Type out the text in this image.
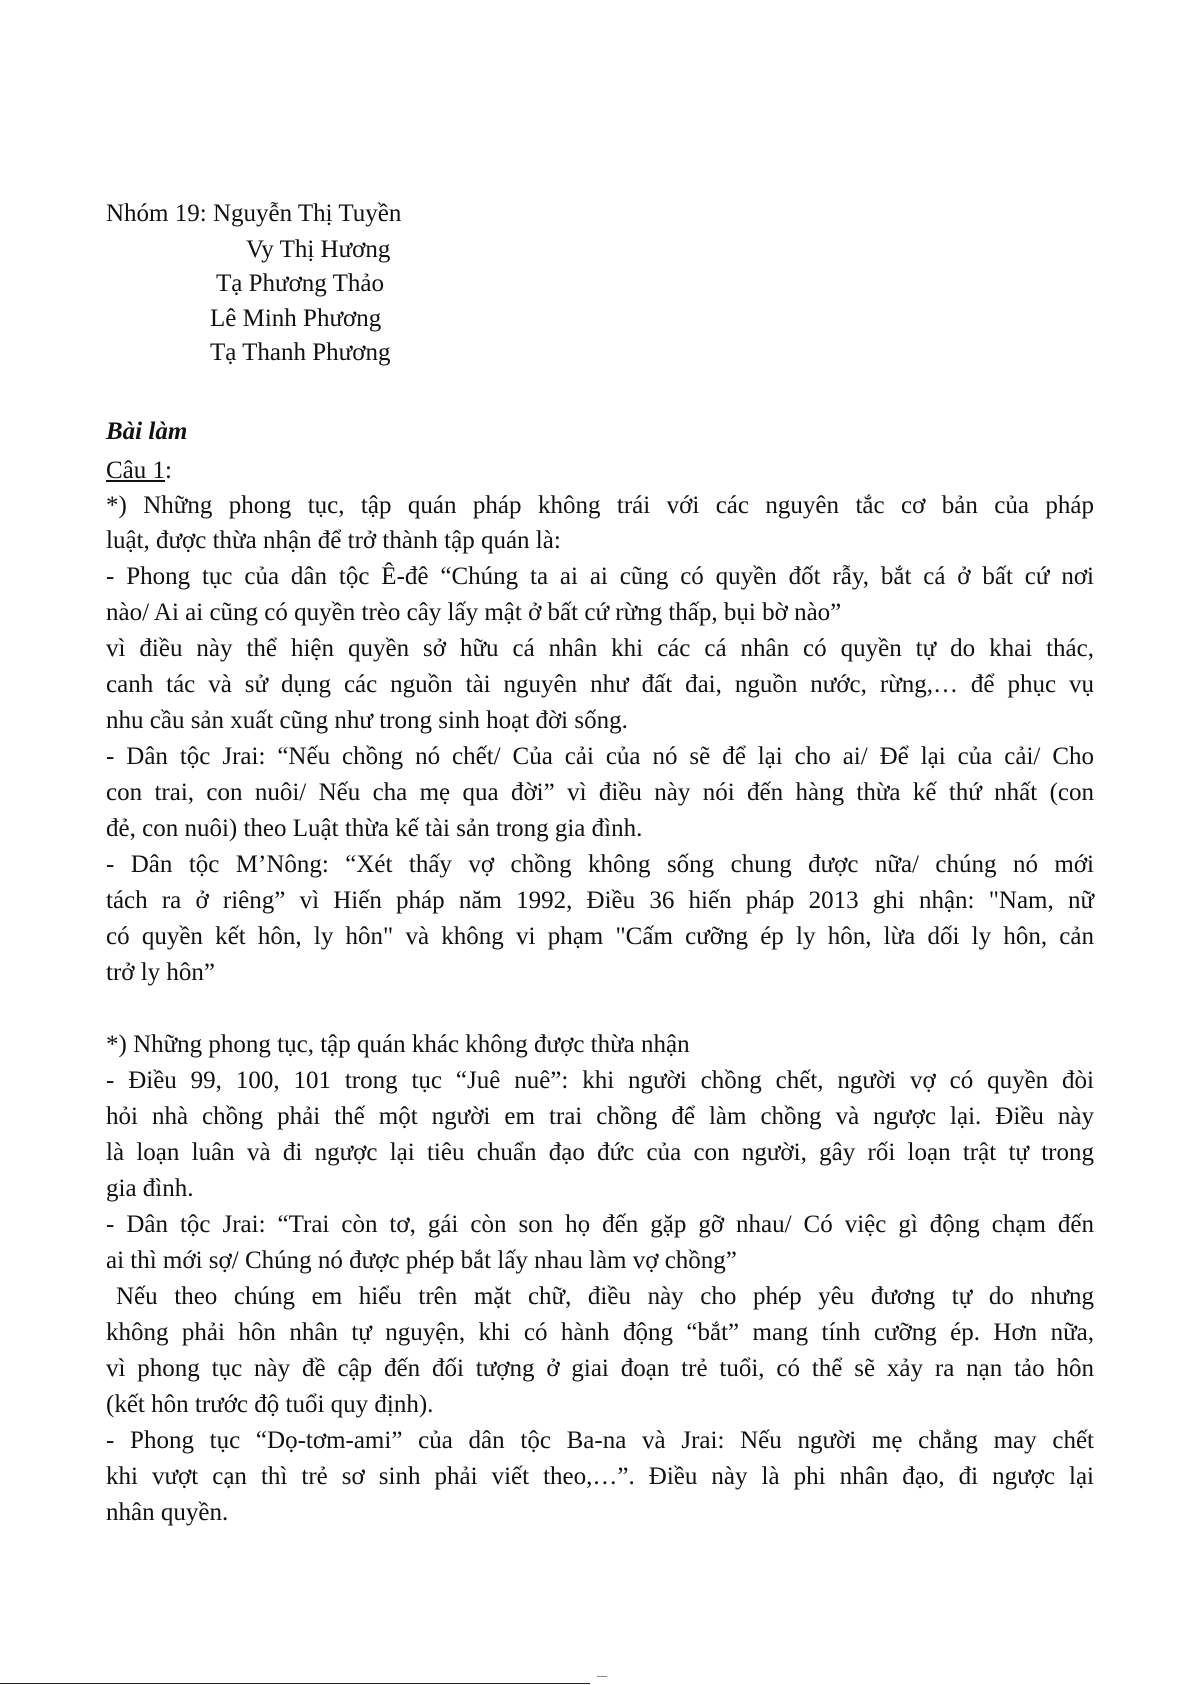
Nhóm 19: Nguyễn Thị Tuyền
Vy Thị Hương
Tạ Phương Thảo
Lê Minh Phương
Tạ Thanh Phương
Bài làm
Câu 1:
*) Những phong tục, tập quán pháp không trái với các nguyên tắc cơ bản của pháp
luật, được thừa nhận để trở thành tập quán là:
- Phong tục của dân tộc Ê-đê “Chúng ta ai ai cũng có quyền đốt rẫy, bắt cá ở bất cứ nơi
nào/ Ai ai cũng có quyền trèo cây lấy mật ở bất cứ rừng thấp, bụi bờ nào”
vì điều này thể hiện quyền sở hữu cá nhân khi các cá nhân có quyền tự do khai thác,
canh tác và sử dụng các nguồn tài nguyên như đất đai, nguồn nước, rừng,… để phục vụ
nhu cầu sản xuất cũng như trong sinh hoạt đời sống.
- Dân tộc Jrai: “Nếu chồng nó chết/ Của cải của nó sẽ để lại cho ai/ Để lại của cải/ Cho
con trai, con nuôi/ Nếu cha mẹ qua đời” vì điều này nói đến hàng thừa kế thứ nhất (con
đẻ, con nuôi) theo Luật thừa kế tài sản trong gia đình.
- Dân tộc M’Nông: “Xét thấy vợ chồng không sống chung được nữa/ chúng nó mới
tách ra ở riêng” vì Hiến pháp năm 1992, Điều 36 hiến pháp 2013 ghi nhận: "Nam, nữ
có quyền kết hôn, ly hôn" và không vi phạm "Cấm cưỡng ép ly hôn, lừa dối ly hôn, cản
trở ly hôn”
*) Những phong tục, tập quán khác không được thừa nhận
- Điều 99, 100, 101 trong tục “Juê nuê”: khi người chồng chết, người vợ có quyền đòi
hỏi nhà chồng phải thế một người em trai chồng để làm chồng và ngược lại. Điều này
là loạn luân và đi ngược lại tiêu chuẩn đạo đức của con người, gây rối loạn trật tự trong
gia đình.
- Dân tộc Jrai: “Trai còn tơ, gái còn son họ đến gặp gỡ nhau/ Có việc gì động chạm đến
ai thì mới sợ/ Chúng nó được phép bắt lấy nhau làm vợ chồng”
Nếu theo chúng em hiểu trên mặt chữ, điều này cho phép yêu đương tự do nhưng
không phải hôn nhân tự nguyện, khi có hành động “bắt” mang tính cưỡng ép. Hơn nữa,
vì phong tục này đề cập đến đối tượng ở giai đoạn trẻ tuổi, có thể sẽ xảy ra nạn tảo hôn
(kết hôn trước độ tuổi quy định).
- Phong tục “Dọ-tơm-ami” của dân tộc Ba-na và Jrai: Nếu người mẹ chẳng may chết
khi vượt cạn thì trẻ sơ sinh phải viết theo,…”. Điều này là phi nhân đạo, đi ngược lại
nhân quyền.
